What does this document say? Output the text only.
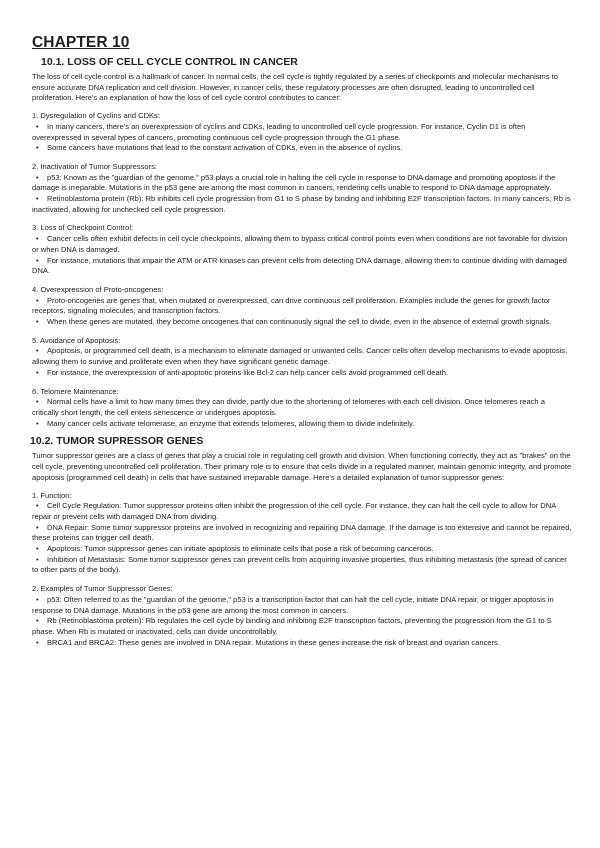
CHAPTER 10
10.1. LOSS OF CELL CYCLE CONTROL IN CANCER

The loss of cell cycle control is a hallmark of cancer. In normal cells, the cell cycle is tightly regulated by a series of checkpoints and molecular mechanisms to ensure accurate DNA replication and cell division. However, in cancer cells, these regulatory processes are often disrupted, leading to uncontrolled cell proliferation. Here's an explanation of how the loss of cell cycle control contributes to cancer:

1. Dysregulation of Cyclins and CDKs:

• In many cancers, there's an overexpression of cyclins and CDKs, leading to uncontrolled cell cycle progression. For instance, Cyclin D1 is often overexpressed in several types of cancers, promoting continuous cell cycle progression through the G1 phase.

• Some cancers have mutations that lead to the constant activation of CDKs, even in the absence of cyclins.

2. Inactivation of Tumor Suppressors:

• p53: Known as the "guardian of the genome," p53 plays a crucial role in halting the cell cycle in response to DNA damage and promoting apoptosis if the damage is irreparable. Mutations in the p53 gene are among the most common in cancers, rendering cells unable to respond to DNA damage appropriately.

• Retinoblastoma protein (Rb): Rb inhibits cell cycle progression from G1 to S phase by binding and inhibiting E2F transcription factors. In many cancers, Rb is inactivated, allowing for unchecked cell cycle progression.

3. Loss of Checkpoint Control:

• Cancer cells often exhibit defects in cell cycle checkpoints, allowing them to bypass critical control points even when conditions are not favorable for division or when DNA is damaged.

• For instance, mutations that impair the ATM or ATR kinases can prevent cells from detecting DNA damage, allowing them to continue dividing with damaged DNA.

4. Overexpression of Proto-oncogenes:

• Proto-oncogenes are genes that, when mutated or overexpressed, can drive continuous cell proliferation. Examples include the genes for growth factor receptors, signaling molecules, and transcription factors.

• When these genes are mutated, they become oncogenes that can continuously signal the cell to divide, even in the absence of external growth signals.

5. Avoidance of Apoptosis:

• Apoptosis, or programmed cell death, is a mechanism to eliminate damaged or unwanted cells. Cancer cells often develop mechanisms to evade apoptosis, allowing them to survive and proliferate even when they have significant genetic damage.

• For instance, the overexpression of anti-apoptotic proteins like Bcl-2 can help cancer cells avoid programmed cell death.

6. Telomere Maintenance:

• Normal cells have a limit to how many times they can divide, partly due to the shortening of telomeres with each cell division. Once telomeres reach a critically short length, the cell enters senescence or undergoes apoptosis.

• Many cancer cells activate telomerase, an enzyme that extends telomeres, allowing them to divide indefinitely.

10.2. TUMOR SUPRESSOR GENES

Tumor suppressor genes are a class of genes that play a crucial role in regulating cell growth and division. When functioning correctly, they act as "brakes" on the cell cycle, preventing uncontrolled cell proliferation. Their primary role is to ensure that cells divide in a regulated manner, maintain genomic integrity, and promote apoptosis (programmed cell death) in cells that have sustained irreparable damage. Here's a detailed explanation of tumor suppressor genes:

1. Function:

• Cell Cycle Regulation: Tumor suppressor proteins often inhibit the progression of the cell cycle. For instance, they can halt the cell cycle to allow for DNA repair or prevent cells with damaged DNA from dividing.

• DNA Repair: Some tumor suppressor proteins are involved in recognizing and repairing DNA damage. If the damage is too extensive and cannot be repaired, these proteins can trigger cell death.

• Apoptosis: Tumor suppressor genes can initiate apoptosis to eliminate cells that pose a risk of becoming cancerous.

• Inhibition of Metastasis: Some tumor suppressor genes can prevent cells from acquiring invasive properties, thus inhibiting metastasis (the spread of cancer to other parts of the body).

2. Examples of Tumor Suppressor Genes:

• p53: Often referred to as the "guardian of the genome," p53 is a transcription factor that can halt the cell cycle, initiate DNA repair, or trigger apoptosis in response to DNA damage. Mutations in the p53 gene are among the most common in cancers.

• Rb (Retinoblastoma protein): Rb regulates the cell cycle by binding and inhibiting E2F transcription factors, preventing the progression from the G1 to S phase. When Rb is mutated or inactivated, cells can divide uncontrollably.

• BRCA1 and BRCA2: These genes are involved in DNA repair. Mutations in these genes increase the risk of breast and ovarian cancers.
